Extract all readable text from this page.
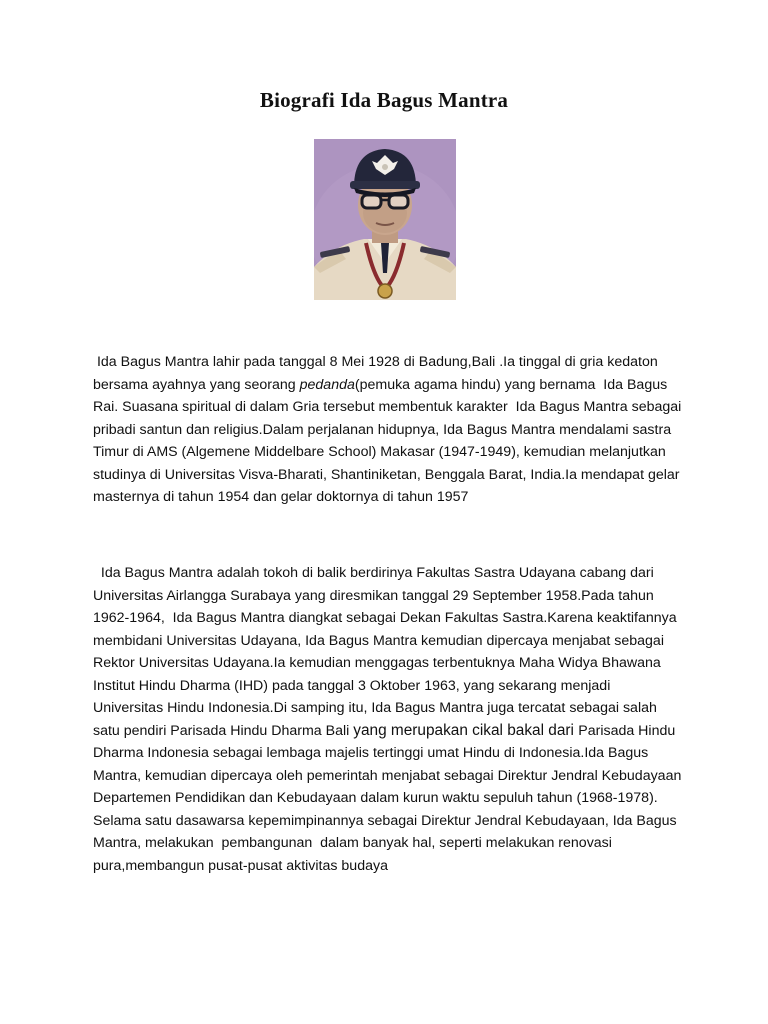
Biografi Ida Bagus Mantra

Ida Bagus Mantra lahir pada tanggal 8 Mei 1928 di Badung,Bali .Ia tinggal di gria kedaton bersama ayahnya yang seorang pedanda(pemuka agama hindu) yang bernama  Ida Bagus Rai. Suasana spiritual di dalam Gria tersebut membentuk karakter  Ida Bagus Mantra sebagai pribadi santun dan religius.Dalam perjalanan hidupnya, Ida Bagus Mantra mendalami sastra Timur di AMS (Algemene Middelbare School) Makasar (1947-1949), kemudian melanjutkan studinya di Universitas Visva-Bharati, Shantiniketan, Benggala Barat, India.Ia mendapat gelar masternya di tahun 1954 dan gelar doktornya di tahun 1957

Ida Bagus Mantra adalah tokoh di balik berdirinya Fakultas Sastra Udayana cabang dari Universitas Airlangga Surabaya yang diresmikan tanggal 29 September 1958.Pada tahun 1962-1964,  Ida Bagus Mantra diangkat sebagai Dekan Fakultas Sastra.Karena keaktifannya membidani Universitas Udayana, Ida Bagus Mantra kemudian dipercaya menjabat sebagai Rektor Universitas Udayana.Ia kemudian menggagas terbentuknya Maha Widya Bhawana Institut Hindu Dharma (IHD) pada tanggal 3 Oktober 1963, yang sekarang menjadi Universitas Hindu Indonesia.Di samping itu, Ida Bagus Mantra juga tercatat sebagai salah satu pendiri Parisada Hindu Dharma Bali yang merupakan cikal bakal dari Parisada Hindu Dharma Indonesia sebagai lembaga majelis tertinggi umat Hindu di Indonesia.Ida Bagus Mantra, kemudian dipercaya oleh pemerintah menjabat sebagai Direktur Jendral Kebudayaan Departemen Pendidikan dan Kebudayaan dalam kurun waktu sepuluh tahun (1968-1978). Selama satu dasawarsa kepemimpinannya sebagai Direktur Jendral Kebudayaan, Ida Bagus Mantra, melakukan  pembangunan  dalam banyak hal, seperti melakukan renovasi pura,membangun pusat-pusat aktivitas budaya
